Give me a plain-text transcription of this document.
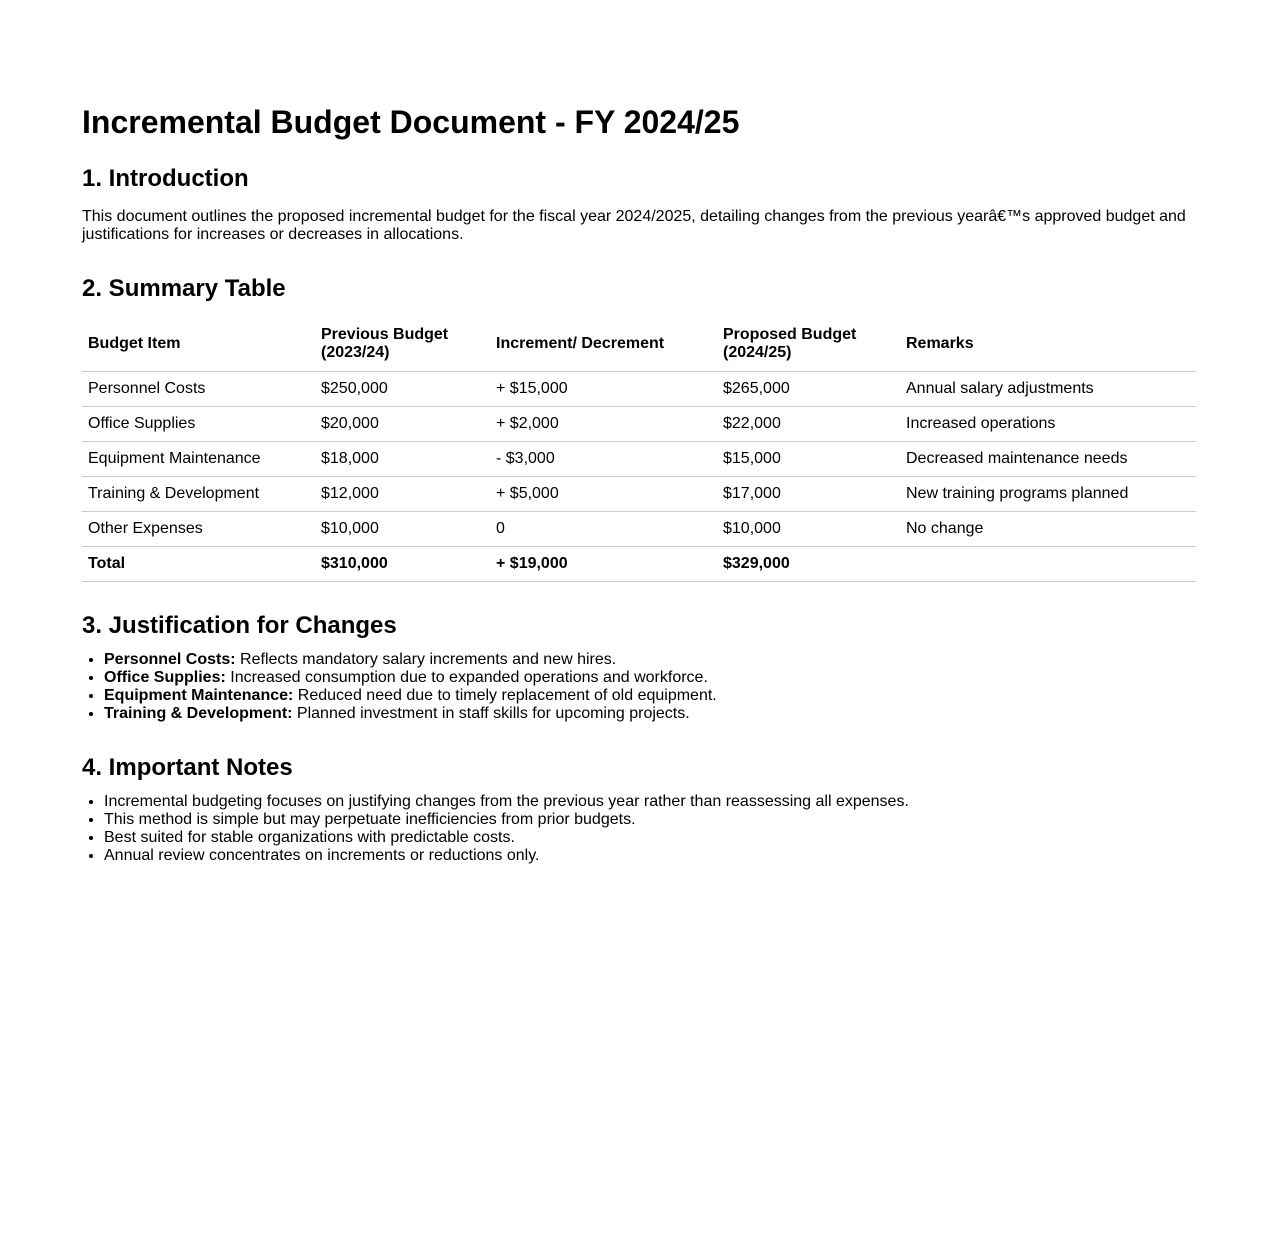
Incremental Budget Document - FY 2024/25
1. Introduction

This document outlines the proposed incremental budget for the fiscal year 2024/2025, detailing changes from the previous yearâ€™s approved budget and justifications for increases or decreases in allocations.

2. Summary Table
Budget Item	Previous Budget (2023/24)	Increment/ Decrement	Proposed Budget (2024/25)	Remarks
Personnel Costs	$250,000	+ $15,000	$265,000	Annual salary adjustments
Office Supplies	$20,000	+ $2,000	$22,000	Increased operations
Equipment Maintenance	$18,000	- $3,000	$15,000	Decreased maintenance needs
Training & Development	$12,000	+ $5,000	$17,000	New training programs planned
Other Expenses	$10,000	0	$10,000	No change
Total	$310,000	+ $19,000	$329,000	
3. Justification for Changes
• Personnel Costs: Reflects mandatory salary increments and new hires.
• Office Supplies: Increased consumption due to expanded operations and workforce.
• Equipment Maintenance: Reduced need due to timely replacement of old equipment.
• Training & Development: Planned investment in staff skills for upcoming projects.
4. Important Notes
• Incremental budgeting focuses on justifying changes from the previous year rather than reassessing all expenses.
• This method is simple but may perpetuate inefficiencies from prior budgets.
• Best suited for stable organizations with predictable costs.
• Annual review concentrates on increments or reductions only.
